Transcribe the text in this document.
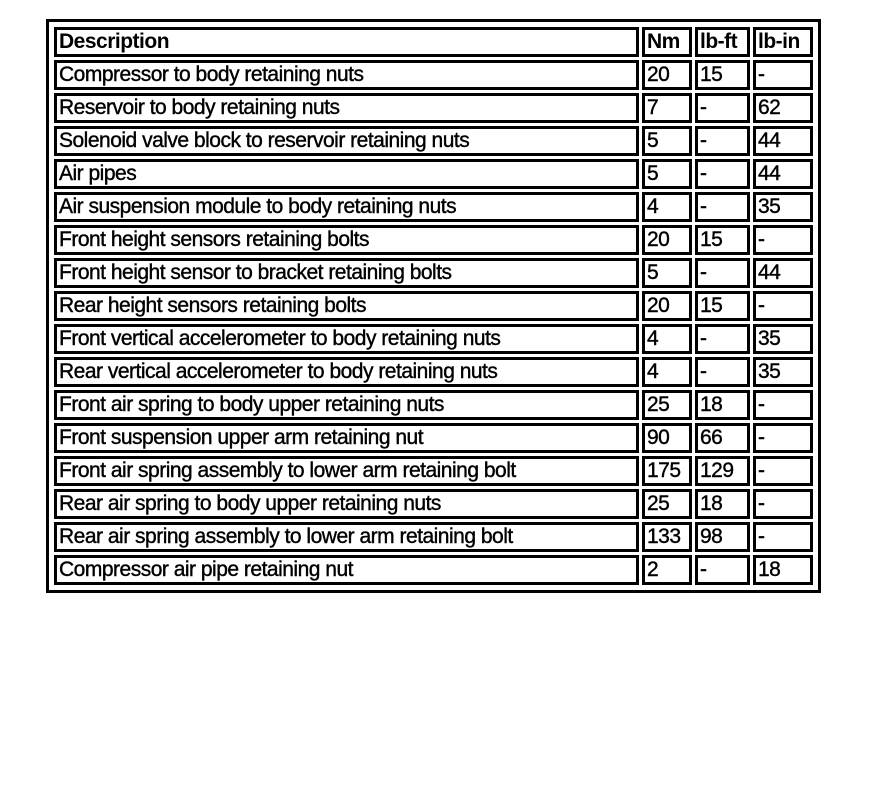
Description	Nm	lb-ft	lb-in
Compressor to body retaining nuts	20	15	-
Reservoir to body retaining nuts	7	-	62
Solenoid valve block to reservoir retaining nuts	5	-	44
Air pipes	5	-	44
Air suspension module to body retaining nuts	4	-	35
Front height sensors retaining bolts	20	15	-
Front height sensor to bracket retaining bolts	5	-	44
Rear height sensors retaining bolts	20	15	-
Front vertical accelerometer to body retaining nuts	4	-	35
Rear vertical accelerometer to body retaining nuts	4	-	35
Front air spring to body upper retaining nuts	25	18	-
Front suspension upper arm retaining nut	90	66	-
Front air spring assembly to lower arm retaining bolt	175	129	-
Rear air spring to body upper retaining nuts	25	18	-
Rear air spring assembly to lower arm retaining bolt	133	98	-
Compressor air pipe retaining nut	2	-	18
